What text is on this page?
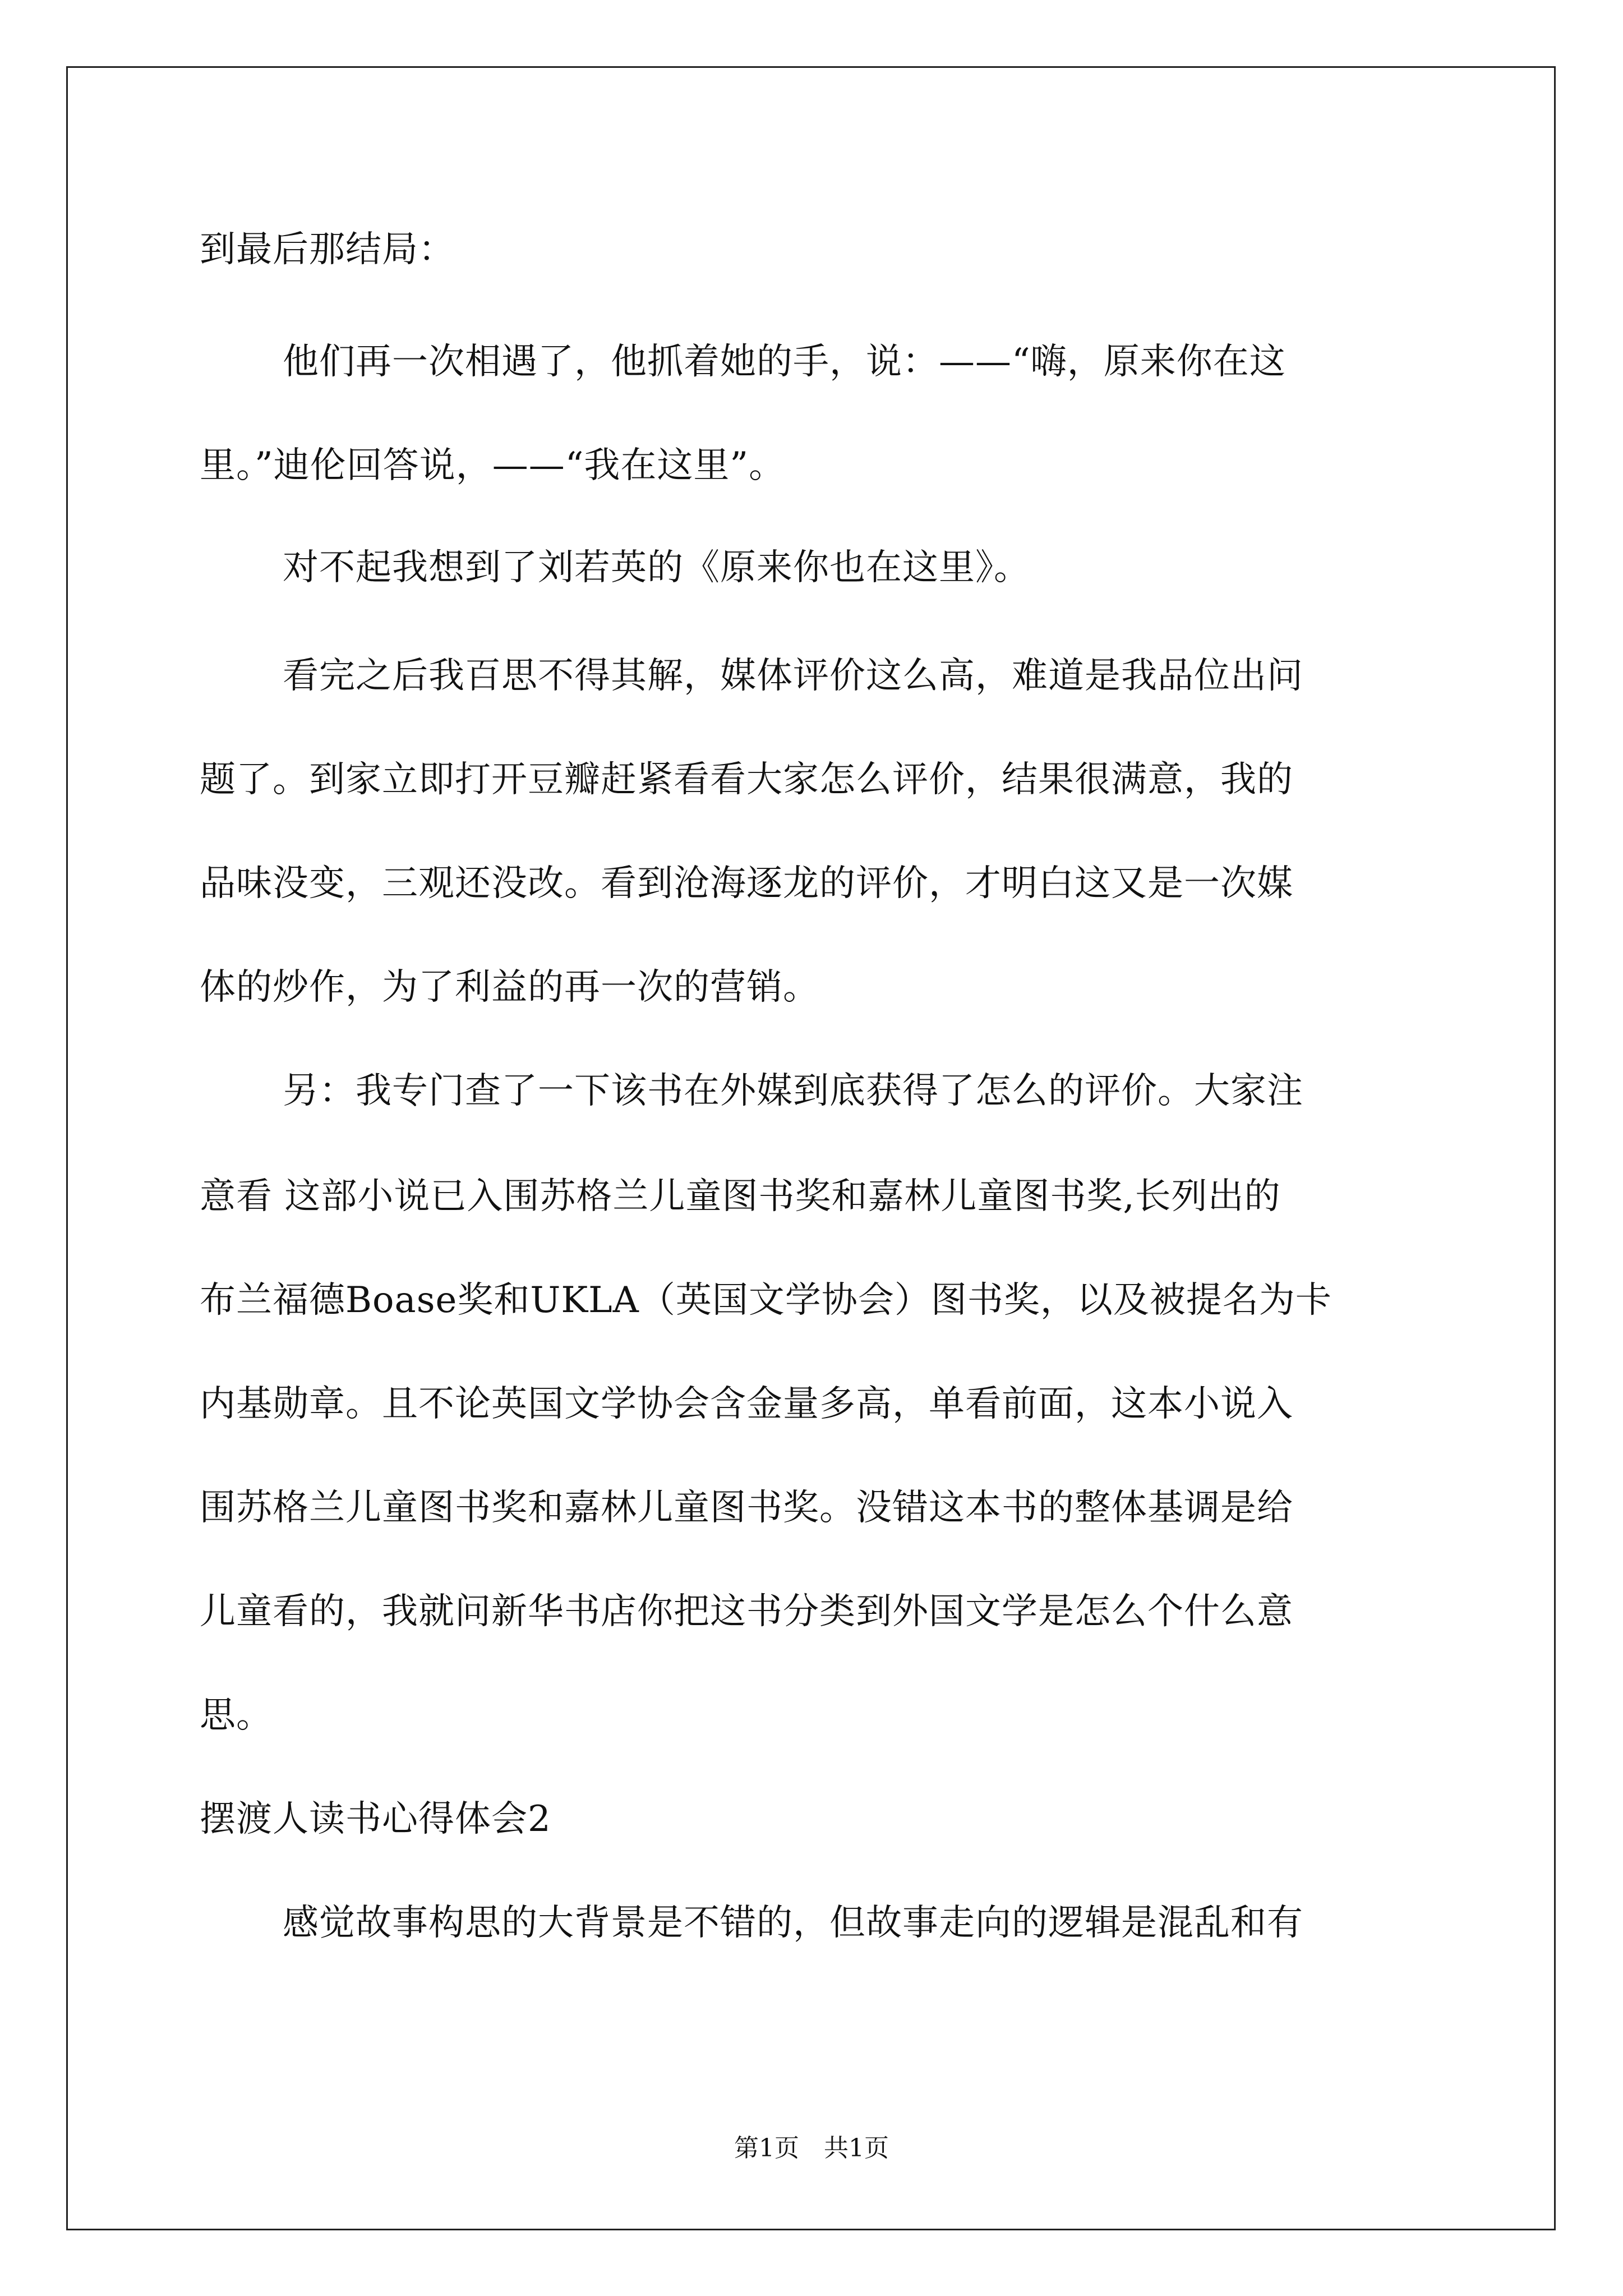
到最后那结局：
他们再一次相遇了，他抓着她的手，说：——“嗨，原来你在这
里。”迪伦回答说，——“我在这里”。
对不起我想到了刘若英的《原来你也在这里》。
看完之后我百思不得其解，媒体评价这么高，难道是我品位出问
题了。到家立即打开豆瓣赶紧看看大家怎么评价，结果很满意，我的
品味没变，三观还没改。看到沧海逐龙的评价，才明白这又是一次媒
体的炒作，为了利益的再一次的营销。
另：我专门查了一下该书在外媒到底获得了怎么的评价。大家注
意看 这部小说已入围苏格兰儿童图书奖和嘉林儿童图书奖,长列出的
布兰福德Boase奖和UKLA（英国文学协会）图书奖，以及被提名为卡
内基勋章。且不论英国文学协会含金量多高，单看前面，这本小说入
围苏格兰儿童图书奖和嘉林儿童图书奖。没错这本书的整体基调是给
儿童看的，我就问新华书店你把这书分类到外国文学是怎么个什么意
思。
摆渡人读书心得体会2
感觉故事构思的大背景是不错的，但故事走向的逻辑是混乱和有
第1页　共1页
